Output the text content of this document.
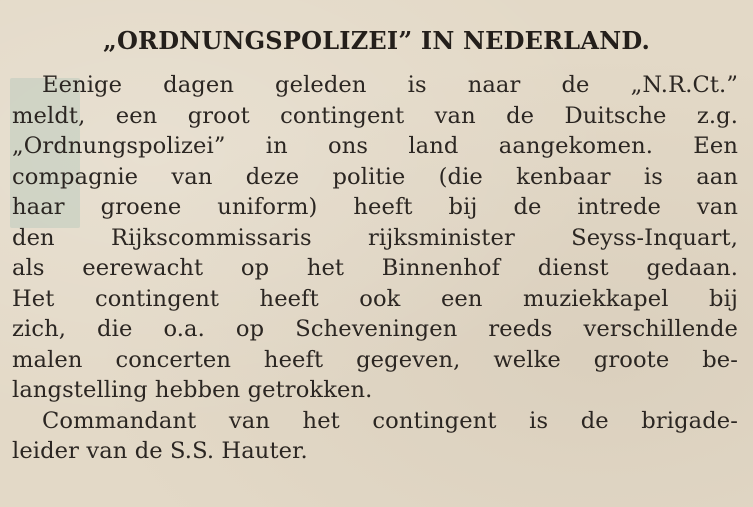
„ORDNUNGSPOLIZEI” IN NEDERLAND.
Eenige dagen geleden is naar de „N.R.Ct.”
meldt, een groot contingent van de Duitsche z.g.
„Ordnungspolizei” in ons land aangekomen. Een
compagnie van deze politie (die kenbaar is aan
haar groene uniform) heeft bij de intrede van
den Rijkscommissaris rijksminister Seyss-Inquart,
als eerewacht op het Binnenhof dienst gedaan.
Het contingent heeft ook een muziekkapel bij
zich, die o.a. op Scheveningen reeds verschillende
malen concerten heeft gegeven, welke groote be-
langstelling hebben getrokken.
Commandant van het contingent is de brigade-
leider van de S.S. Hauter.
